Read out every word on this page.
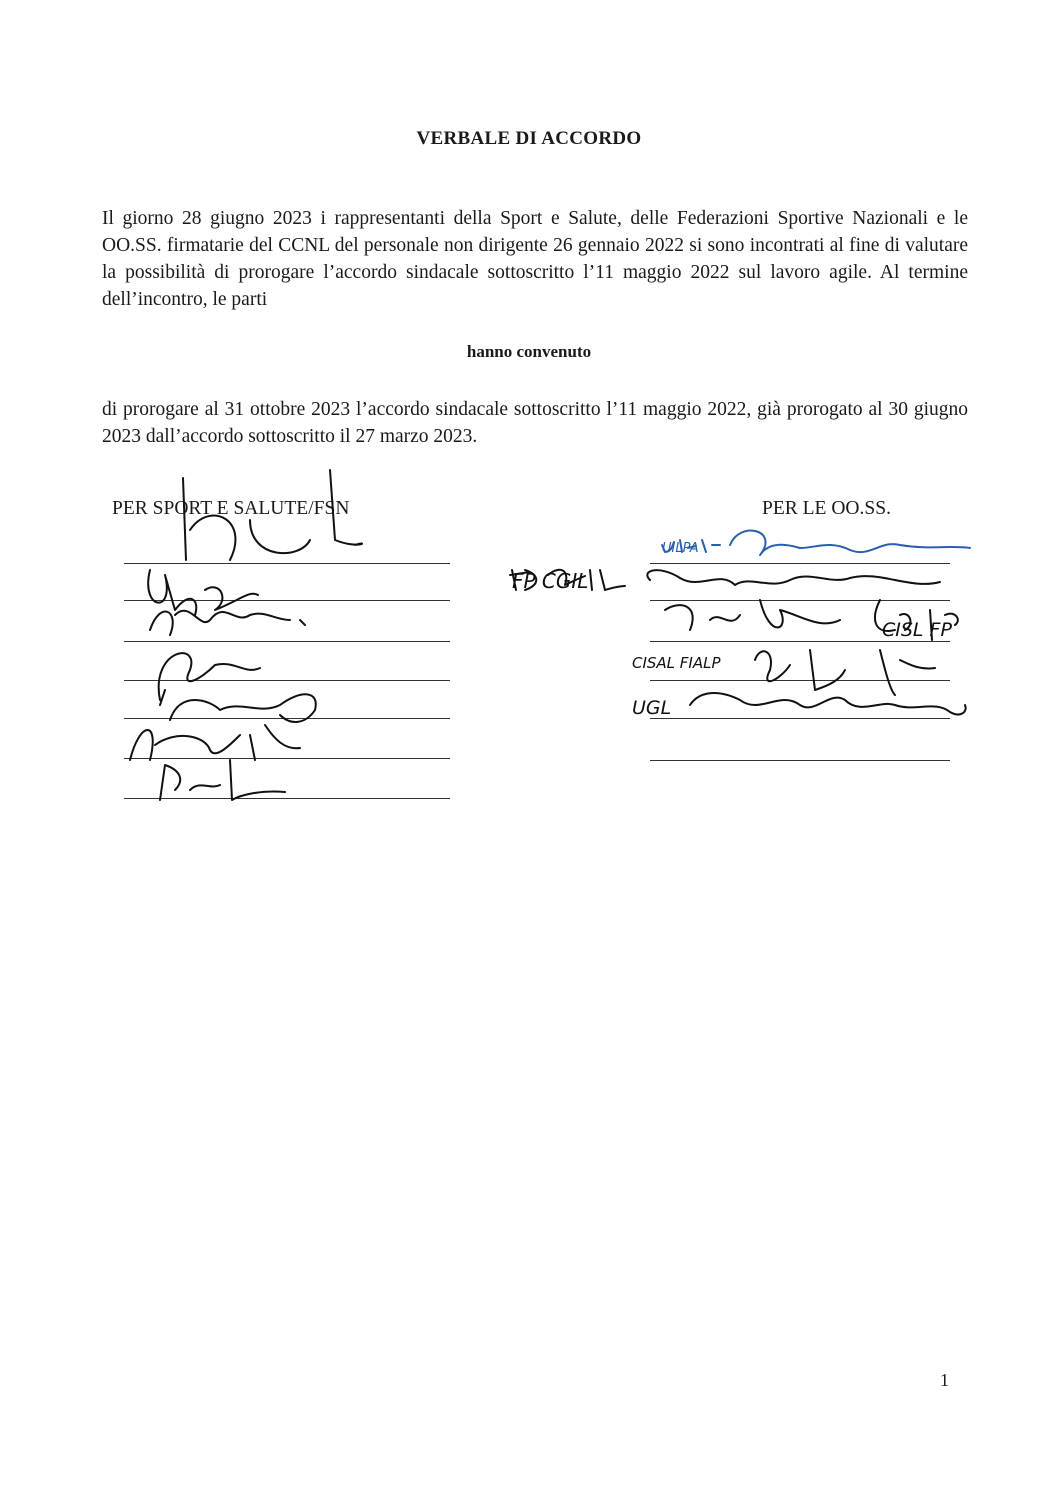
VERBALE DI ACCORDO

Il giorno 28 giugno 2023 i rappresentanti della Sport e Salute, delle Federazioni Sportive Nazionali e le OO.SS. firmatarie del CCNL del personale non dirigente 26 gennaio 2022 si sono incontrati al fine di valutare la possibilità di prorogare l’accordo sindacale sottoscritto l’11 maggio 2022 sul lavoro agile. Al termine dell’incontro, le parti

hanno convenuto

di prorogare al 31 ottobre 2023 l’accordo sindacale sottoscritto l’11 maggio 2022, già prorogato al 30 giugno 2023 dall’accordo sottoscritto il 27 marzo 2023.

PER SPORT E SALUTE/FSN	PER LE OO.SS.
FP CGIL
CISL FP
CISAL FIALP
UGL
UILPA
1
